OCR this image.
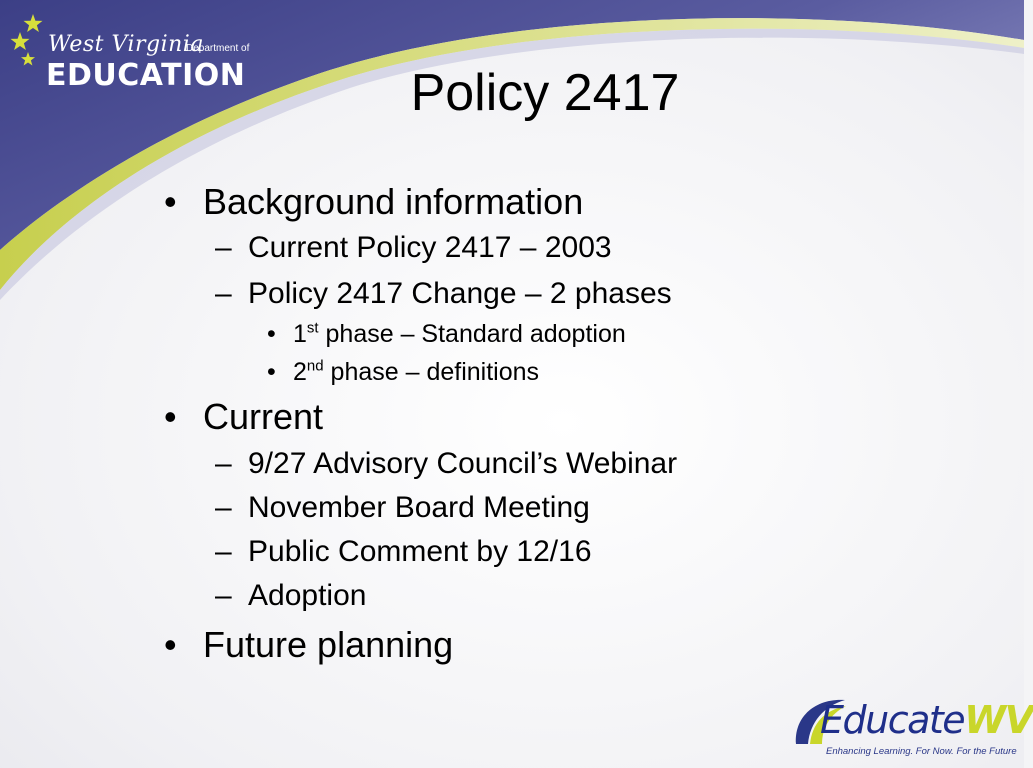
West Virginia
Department of
EDUCATION	Policy 2417
• Background information
– Current Policy 2417 – 2003
– Policy 2417 Change – 2 phases
• 1st phase – Standard adoption
• 2nd phase – definitions
• Current
– 9/27 Advisory Council’s Webinar
– November Board Meeting
– Public Comment by 12/16
– Adoption
• Future planning
EducateWV
Enhancing Learning. For Now. For the Future
